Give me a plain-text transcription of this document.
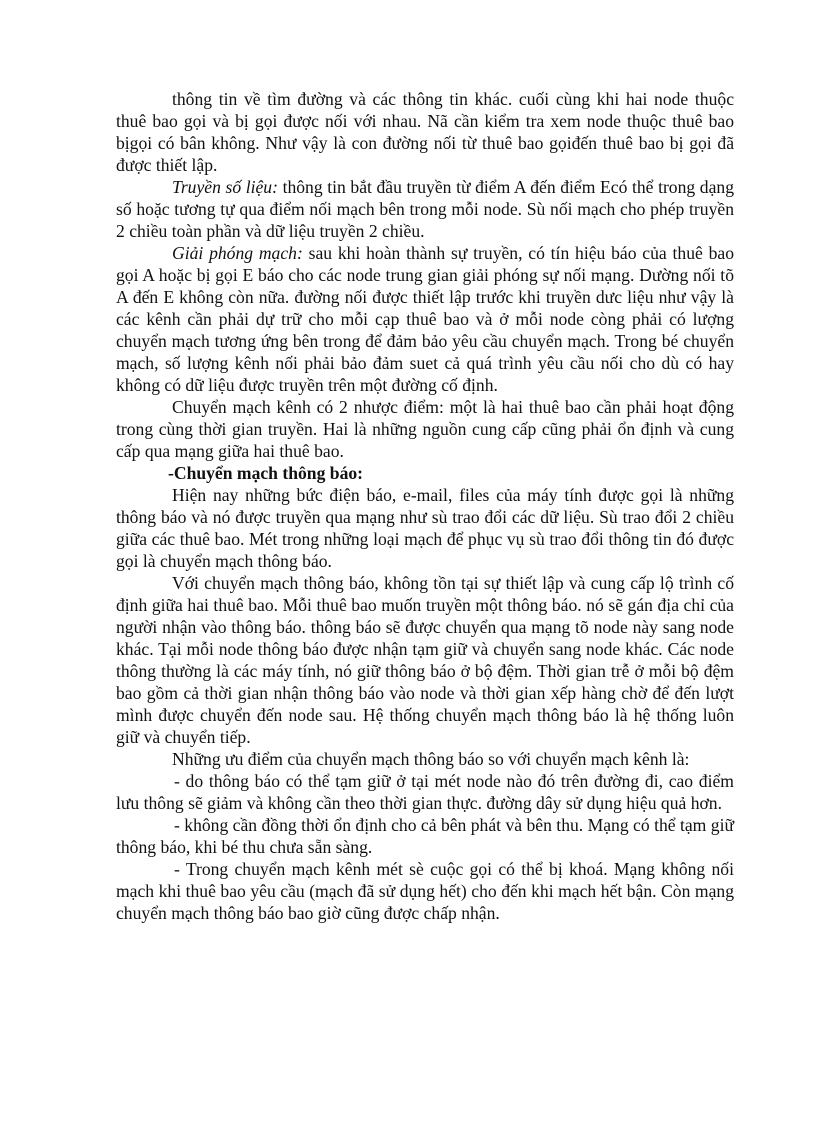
thông tin về tìm đường và các thông tin khác. cuối cùng khi hai node thuộc thuê bao gọi và bị gọi được nối với nhau. Nã cần kiểm tra xem node thuộc thuê bao bịgọi có bân không. Như vậy là con đường nối từ thuê bao gọiđến thuê bao bị gọi đã được thiết lập.

Truyền số liệu: thông tin bắt đầu truyền từ điểm A đến điểm Ecó thể trong dạng số hoặc tương tự qua điểm nối mạch bên trong mỗi node. Sù nối mạch cho phép truyền 2 chiều toàn phần và dữ liệu truyền 2 chiều.

Giải phóng mạch: sau khi hoàn thành sự truyền, có tín hiệu báo của thuê bao gọi A hoặc bị gọi E báo cho các node trung gian giải phóng sự nối mạng. Dường nối tõ A đến E không còn nữa. đường nối được thiết lập trước khi truyền dưc liệu như vậy là các kênh cần phải dự trữ cho mỗi cạp thuê bao và ở mỗi node còng phải có lượng chuyển mạch tương ứng bên trong để đảm bảo yêu cầu chuyển mạch. Trong bé chuyển mạch, số lượng kênh nối phải bảo đảm suet cả quá trình yêu cầu nối cho dù có hay không có dữ liệu được truyền trên một đường cố định.

Chuyển mạch kênh có 2 nhược điểm: một là hai thuê bao cần phải hoạt động trong cùng thời gian truyền. Hai là những nguồn cung cấp cũng phải ổn định và cung cấp qua mạng giữa hai thuê bao.

-Chuyển mạch thông báo:

Hiện nay những bức điện báo, e-mail, files của máy tính được gọi là những thông báo và nó được truyền qua mạng như sù trao đổi các dữ liệu. Sù trao đổi 2 chiều giữa các thuê bao. Mét trong những loại mạch để phục vụ sù trao đổi thông tin đó được gọi là chuyển mạch thông báo.

Với chuyển mạch thông báo, không tồn tại sự thiết lập và cung cấp lộ trình cố định giữa hai thuê bao. Mỗi thuê bao muốn truyền một thông báo. nó sẽ gán địa chỉ của người nhận vào thông báo. thông báo sẽ được chuyển qua mạng tõ node này sang node khác. Tại mỗi node thông báo được nhận tạm giữ và chuyển sang node khác. Các node thông thường là các máy tính, nó giữ thông báo ở bộ đệm. Thời gian trễ ở mỗi bộ đệm bao gồm cả thời gian nhận thông báo vào node và thời gian xếp hàng chờ để đến lượt mình được chuyển đến node sau. Hệ thống chuyển mạch thông báo là hệ thống luôn giữ và chuyển tiếp.

Những ưu điểm của chuyển mạch thông báo so với chuyển mạch kênh là:

- do thông báo có thể tạm giữ ở tại mét node nào đó trên đường đi, cao điểm lưu thông sẽ giảm và không cần theo thời gian thực. đường dây sử dụng hiệu quả hơn.

- không cần đồng thời ổn định cho cả bên phát và bên thu. Mạng có thể tạm giữ thông báo, khi bé thu chưa sẵn sàng.

- Trong chuyển mạch kênh mét sè cuộc gọi có thể bị khoá. Mạng không nối mạch khi thuê bao yêu cầu (mạch đã sử dụng hết) cho đến khi mạch hết bận. Còn mạng chuyển mạch thông báo bao giờ cũng được chấp nhận.
